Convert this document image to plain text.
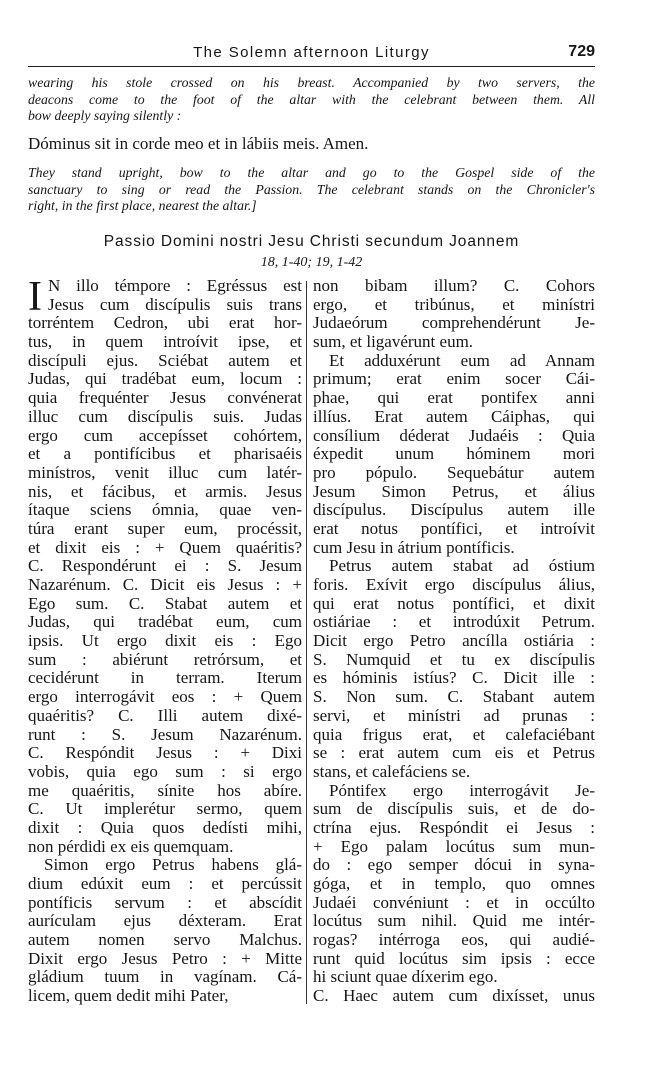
The Solemn afternoon Liturgy	729
wearing his stole crossed on his breast. Accompanied by two servers, the
deacons come to the foot of the altar with the celebrant between them. All
bow deeply saying silently :
Dóminus sit in corde meo et in lábiis meis. Amen.
They stand upright, bow to the altar and go to the Gospel side of the
sanctuary to sing or read the Passion. The celebrant stands on the Chronicler's
right, in the first place, nearest the altar.]
Passio Domini nostri Jesu Christi secundum Joannem
18, 1-40; 19, 1-42
I N illo témpore : Egréssus est
Jesus cum discípulis suis trans
torréntem Cedron, ubi erat hor-
tus, in quem introívit ipse, et
discípuli ejus. Sciébat autem et
Judas, qui tradébat eum, locum :
quia frequénter Jesus convénerat
illuc cum discípulis suis. Judas
ergo cum accepísset cohórtem,
et a pontifícibus et pharisaéis
minístros, venit illuc cum latér-
nis, et fácibus, et armis. Jesus
ítaque sciens ómnia, quae ven-
túra erant super eum, procéssit,
et dixit eis : + Quem quaéritis?
C. Respondérunt ei : S. Jesum
Nazarénum. C. Dicit eis Jesus : +
Ego sum. C. Stabat autem et
Judas, qui tradébat eum, cum
ipsis. Ut ergo dixit eis : Ego
sum : abiérunt retrórsum, et
cecidérunt in terram. Iterum
ergo interrogávit eos : + Quem
quaéritis? C. Illi autem dixé-
runt : S. Jesum Nazarénum.
C. Respóndit Jesus : + Dixi
vobis, quia ego sum : si ergo
me quaéritis, sínite hos abíre.
C. Ut implerétur sermo, quem
dixit : Quia quos dedísti mihi,
non pérdidi ex eis quemquam.
Simon ergo Petrus habens glá-
dium edúxit eum : et percússit
pontíficis servum : et abscídit
aurículam ejus déxteram. Erat
autem nomen servo Malchus.
Dixit ergo Jesus Petro : + Mitte
gládium tuum in vagínam. Cá-
licem, quem dedit mihi Pater,
non bibam illum? C. Cohors
ergo, et tribúnus, et minístri
Judaeórum comprehendérunt Je-
sum, et ligavérunt eum.
Et adduxérunt eum ad Annam
primum; erat enim socer Cái-
phae, qui erat pontifex anni
illíus. Erat autem Cáiphas, qui
consílium déderat Judaéis : Quia
éxpedit unum hóminem mori
pro pópulo. Sequebátur autem
Jesum Simon Petrus, et álius
discípulus. Discípulus autem ille
erat notus pontífici, et introívit
cum Jesu in átrium pontíficis.
Petrus autem stabat ad óstium
foris. Exívit ergo discípulus álius,
qui erat notus pontífici, et dixit
ostiáriae : et introdúxit Petrum.
Dicit ergo Petro ancílla ostiária :
S. Numquid et tu ex discípulis
es hóminis istíus? C. Dicit ille :
S. Non sum. C. Stabant autem
servi, et minístri ad prunas :
quia frigus erat, et calefaciébant
se : erat autem cum eis et Petrus
stans, et calefáciens se.
Póntifex ergo interrogávit Je-
sum de discípulis suis, et de do-
ctrína ejus. Respóndit ei Jesus :
+ Ego palam locútus sum mun-
do : ego semper dócui in syna-
góga, et in templo, quo omnes
Judaéi convéniunt : et in occúlto
locútus sum nihil. Quid me intér-
rogas? intérroga eos, qui audié-
runt quid locútus sim ipsis : ecce
hi sciunt quae díxerim ego.
C. Haec autem cum dixísset, unus
